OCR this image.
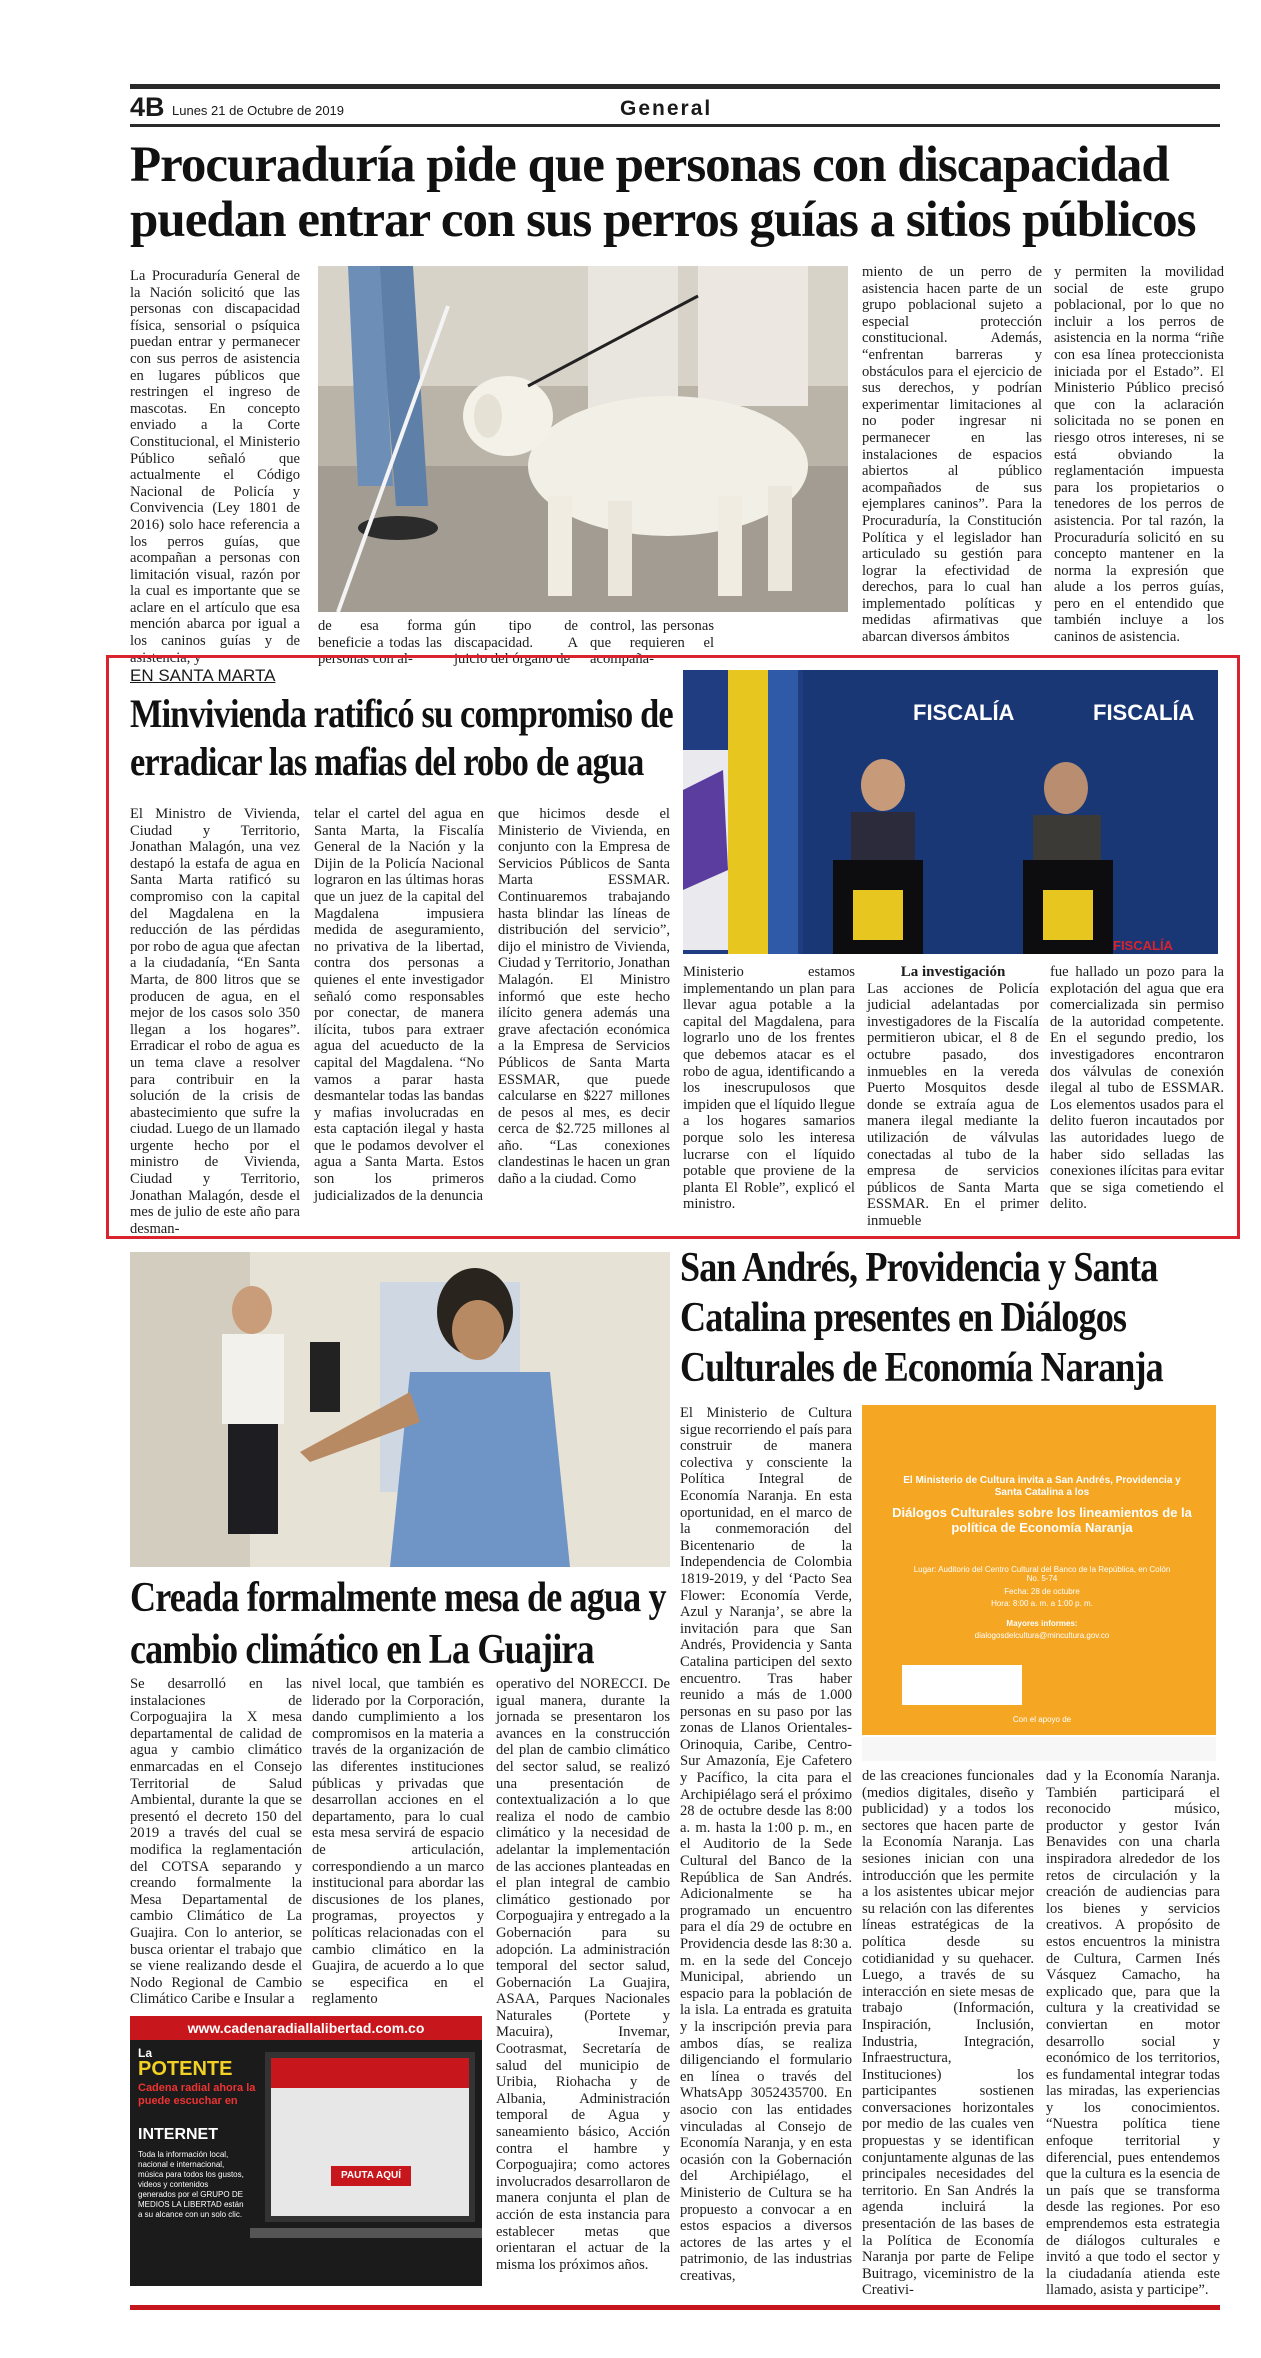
4B Lunes 21 de Octubre de 2019	General
Procuraduría pide que personas con discapacidad puedan entrar con sus perros guías a sitios públicos

La Procuraduría General de la Nación solicitó que las personas con discapacidad física, sensorial o psíquica puedan entrar y permanecer con sus perros de asistencia en lugares públicos que restringen el ingreso de mascotas. En concepto enviado a la Corte Constitucional, el Ministerio Público señaló que actualmente el Código Nacional de Policía y Convivencia (Ley 1801 de 2016) solo hace referencia a los perros guías, que acompañan a personas con limitación visual, razón por la cual es importante que se aclare en el artículo que esa mención abarca por igual a los caninos guías y de asistencia, y

de esa forma beneficie a todas las personas con al-

gún tipo de discapacidad. A juicio del órgano de

control, las personas que requieren el acompaña-

miento de un perro de asistencia hacen parte de un grupo poblacional sujeto a especial protección constitucional. Además, “enfrentan barreras y obstáculos para el ejercicio de sus derechos, y podrían experimentar limitaciones al no poder ingresar ni permanecer en las instalaciones de espacios abiertos al público acompañados de sus ejemplares caninos”. Para la Procuraduría, la Constitución Política y el legislador han articulado su gestión para lograr la efectividad de derechos, para lo cual han implementado políticas y medidas afirmativas que abarcan diversos ámbitos

y permiten la movilidad social de este grupo poblacional, por lo que no incluir a los perros de asistencia en la norma “riñe con esa línea proteccionista iniciada por el Estado”. El Ministerio Público precisó que con la aclaración solicitada no se ponen en riesgo otros intereses, ni se está obviando la reglamentación impuesta para los propietarios o tenedores de los perros de asistencia. Por tal razón, la Procuraduría solicitó en su concepto mantener en la norma la expresión que alude a los perros guías, pero en el entendido que también incluye a los caninos de asistencia.

EN SANTA MARTA
Minvivienda ratificó su compromiso de erradicar las mafias del robo de agua
FISCALÍA	FISCALÍA
FISCALÍA

El Ministro de Vivienda, Ciudad y Territorio, Jonathan Malagón, una vez destapó la estafa de agua en Santa Marta ratificó su compromiso con la capital del Magdalena en la reducción de las pérdidas por robo de agua que afectan a la ciudadanía, “En Santa Marta, de 800 litros que se producen de agua, en el mejor de los casos solo 350 llegan a los hogares”. Erradicar el robo de agua es un tema clave a resolver para contribuir en la solución de la crisis de abastecimiento que sufre la ciudad. Luego de un llamado urgente hecho por el ministro de Vivienda, Ciudad y Territorio, Jonathan Malagón, desde el mes de julio de este año para desman-

telar el cartel del agua en Santa Marta, la Fiscalía General de la Nación y la Dijin de la Policía Nacional lograron en las últimas horas que un juez de la capital del Magdalena impusiera medida de aseguramiento, no privativa de la libertad, contra dos personas a quienes el ente investigador señaló como responsables por conectar, de manera ilícita, tubos para extraer agua del acueducto de la capital del Magdalena. “No vamos a parar hasta desmantelar todas las bandas y mafias involucradas en esta captación ilegal y hasta que le podamos devolver el agua a Santa Marta. Estos son los primeros judicializados de la denuncia

que hicimos desde el Ministerio de Vivienda, en conjunto con la Empresa de Servicios Públicos de Santa Marta ESSMAR. Continuaremos trabajando hasta blindar las líneas de distribución del servicio”, dijo el ministro de Vivienda, Ciudad y Territorio, Jonathan Malagón. El Ministro informó que este hecho ilícito genera además una grave afectación económica a la Empresa de Servicios Públicos de Santa Marta ESSMAR, que puede calcularse en $227 millones de pesos al mes, es decir cerca de $2.725 millones al año. “Las conexiones clandestinas le hacen un gran daño a la ciudad. Como

Ministerio estamos implementando un plan para llevar agua potable a la capital del Magdalena, para lograrlo uno de los frentes que debemos atacar es el robo de agua, identificando a los inescrupulosos que impiden que el líquido llegue a los hogares samarios porque solo les interesa lucrarse con el líquido potable que proviene de la planta El Roble”, explicó el ministro.

La investigación

Las acciones de Policía judicial adelantadas por investigadores de la Fiscalía permitieron ubicar, el 8 de octubre pasado, dos inmuebles en la vereda Puerto Mosquitos desde donde se extraía agua de manera ilegal mediante la utilización de válvulas conectadas al tubo de la empresa de servicios públicos de Santa Marta ESSMAR. En el primer inmueble

fue hallado un pozo para la explotación del agua que era comercializada sin permiso de la autoridad competente. En el segundo predio, los investigadores encontraron dos válvulas de conexión ilegal al tubo de ESSMAR. Los elementos usados para el delito fueron incautados por las autoridades luego de haber sido selladas las conexiones ilícitas para evitar que se siga cometiendo el delito.

Creada formalmente mesa de agua y cambio climático en La Guajira

Se desarrolló en las instalaciones de Corpoguajira la X mesa departamental de calidad de agua y cambio climático enmarcadas en el Consejo Territorial de Salud Ambiental, durante la que se presentó el decreto 150 del 2019 a través del cual se modifica la reglamentación del COTSA separando y creando formalmente la Mesa Departamental de cambio Climático de La Guajira. Con lo anterior, se busca orientar el trabajo que se viene realizando desde el Nodo Regional de Cambio Climático Caribe e Insular a

nivel local, que también es liderado por la Corporación, dando cumplimiento a los compromisos en la materia a través de la organización de las diferentes instituciones públicas y privadas que desarrollan acciones en el departamento, para lo cual esta mesa servirá de espacio de articulación, correspondiendo a un marco institucional para abordar las discusiones de los planes, programas, proyectos y políticas relacionadas con el cambio climático en la Guajira, de acuerdo a lo que se especifica en el reglamento

operativo del NORECCI. De igual manera, durante la jornada se presentaron los avances en la construcción del plan de cambio climático del sector salud, se realizó una presentación de contextualización a lo que realiza el nodo de cambio climático y la necesidad de adelantar la implementación de las acciones planteadas en el plan integral de cambio climático gestionado por Corpoguajira y entregado a la Gobernación para su adopción. La administración temporal del sector salud, Gobernación La Guajira, ASAA, Parques Nacionales Naturales (Portete y Macuira), Invemar, Cootrasmat, Secretaría de salud del municipio de Uribia, Riohacha y de Albania, Administración temporal de Agua y saneamiento básico, Acción contra el hambre y Corpoguajira; como actores involucrados desarrollaron de manera conjunta el plan de acción de esta instancia para establecer metas que orientaran el actuar de la misma los próximos años.

www.cadenaradiallalibertad.com.co
La
POTENTE
Cadena radial ahora la puede escuchar en
INTERNET
Toda la información local, nacional e internacional, música para todos los gustos, videos y contenidos generados por el GRUPO DE MEDIOS LA LIBERTAD están a su alcance con un solo clic.
PAUTA AQUÍ
San Andrés, Providencia y Santa Catalina presentes en Diálogos Culturales de Economía Naranja

El Ministerio de Cultura sigue recorriendo el país para construir de manera colectiva y consciente la Política Integral de Economía Naranja. En esta oportunidad, en el marco de la conmemoración del Bicentenario de la Independencia de Colombia 1819-2019, y del ‘Pacto Sea Flower: Economía Verde, Azul y Naranja’, se abre la invitación para que San Andrés, Providencia y Santa Catalina participen del sexto encuentro. Tras haber reunido a más de 1.000 personas en su paso por las zonas de Llanos Orientales-Orinoquia, Caribe, Centro-Sur Amazonía, Eje Cafetero y Pacífico, la cita para el Archipiélago será el próximo 28 de octubre desde las 8:00 a. m. hasta la 1:00 p. m., en el Auditorio de la Sede Cultural del Banco de la República de San Andrés. Adicionalmente se ha programado un encuentro para el día 29 de octubre en Providencia desde las 8:30 a. m. en la sede del Concejo Municipal, abriendo un espacio para la población de la isla. La entrada es gratuita y la inscripción previa para ambos días, se realiza diligenciando el formulario en línea o través del WhatsApp 3052435700. En asocio con las entidades vinculadas al Consejo de Economía Naranja, y en esta ocasión con la Gobernación del Archipiélago, el Ministerio de Cultura se ha propuesto a convocar a en estos espacios a diversos actores de las artes y el patrimonio, de las industrias creativas,

El Ministerio de Cultura invita a San Andrés, Providencia y Santa Catalina a los
Diálogos Culturales sobre los lineamientos de la política de Economía Naranja
Lugar: Auditorio del Centro Cultural del Banco de la República, en Colón No. 5-74
Fecha: 28 de octubre
Hora: 8:00 a. m. a 1:00 p. m.
Mayores informes:
dialogosdelcultura@mincultura.gov.co
Con el apoyo de

de las creaciones funcionales (medios digitales, diseño y publicidad) y a todos los sectores que hacen parte de la Economía Naranja. Las sesiones inician con una introducción que les permite a los asistentes ubicar mejor su relación con las diferentes líneas estratégicas de la política desde su cotidianidad y su quehacer. Luego, a través de su interacción en siete mesas de trabajo (Información, Inspiración, Inclusión, Industria, Integración, Infraestructura, Instituciones) los participantes sostienen conversaciones horizontales por medio de las cuales ven propuestas y se identifican conjuntamente algunas de las principales necesidades del territorio. En San Andrés la agenda incluirá la presentación de las bases de la Política de Economía Naranja por parte de Felipe Buitrago, viceministro de la Creativi-

dad y la Economía Naranja. También participará el reconocido músico, productor y gestor Iván Benavides con una charla inspiradora alrededor de los retos de circulación y la creación de audiencias para los bienes y servicios creativos. A propósito de estos encuentros la ministra de Cultura, Carmen Inés Vásquez Camacho, ha explicado que, para que la cultura y la creatividad se conviertan en motor desarrollo social y económico de los territorios, es fundamental integrar todas las miradas, las experiencias y los conocimientos. “Nuestra política tiene enfoque territorial y diferencial, pues entendemos que la cultura es la esencia de un país que se transforma desde las regiones. Por eso emprendemos esta estrategia de diálogos culturales e invitó a que todo el sector y la ciudadanía atienda este llamado, asista y participe”.
